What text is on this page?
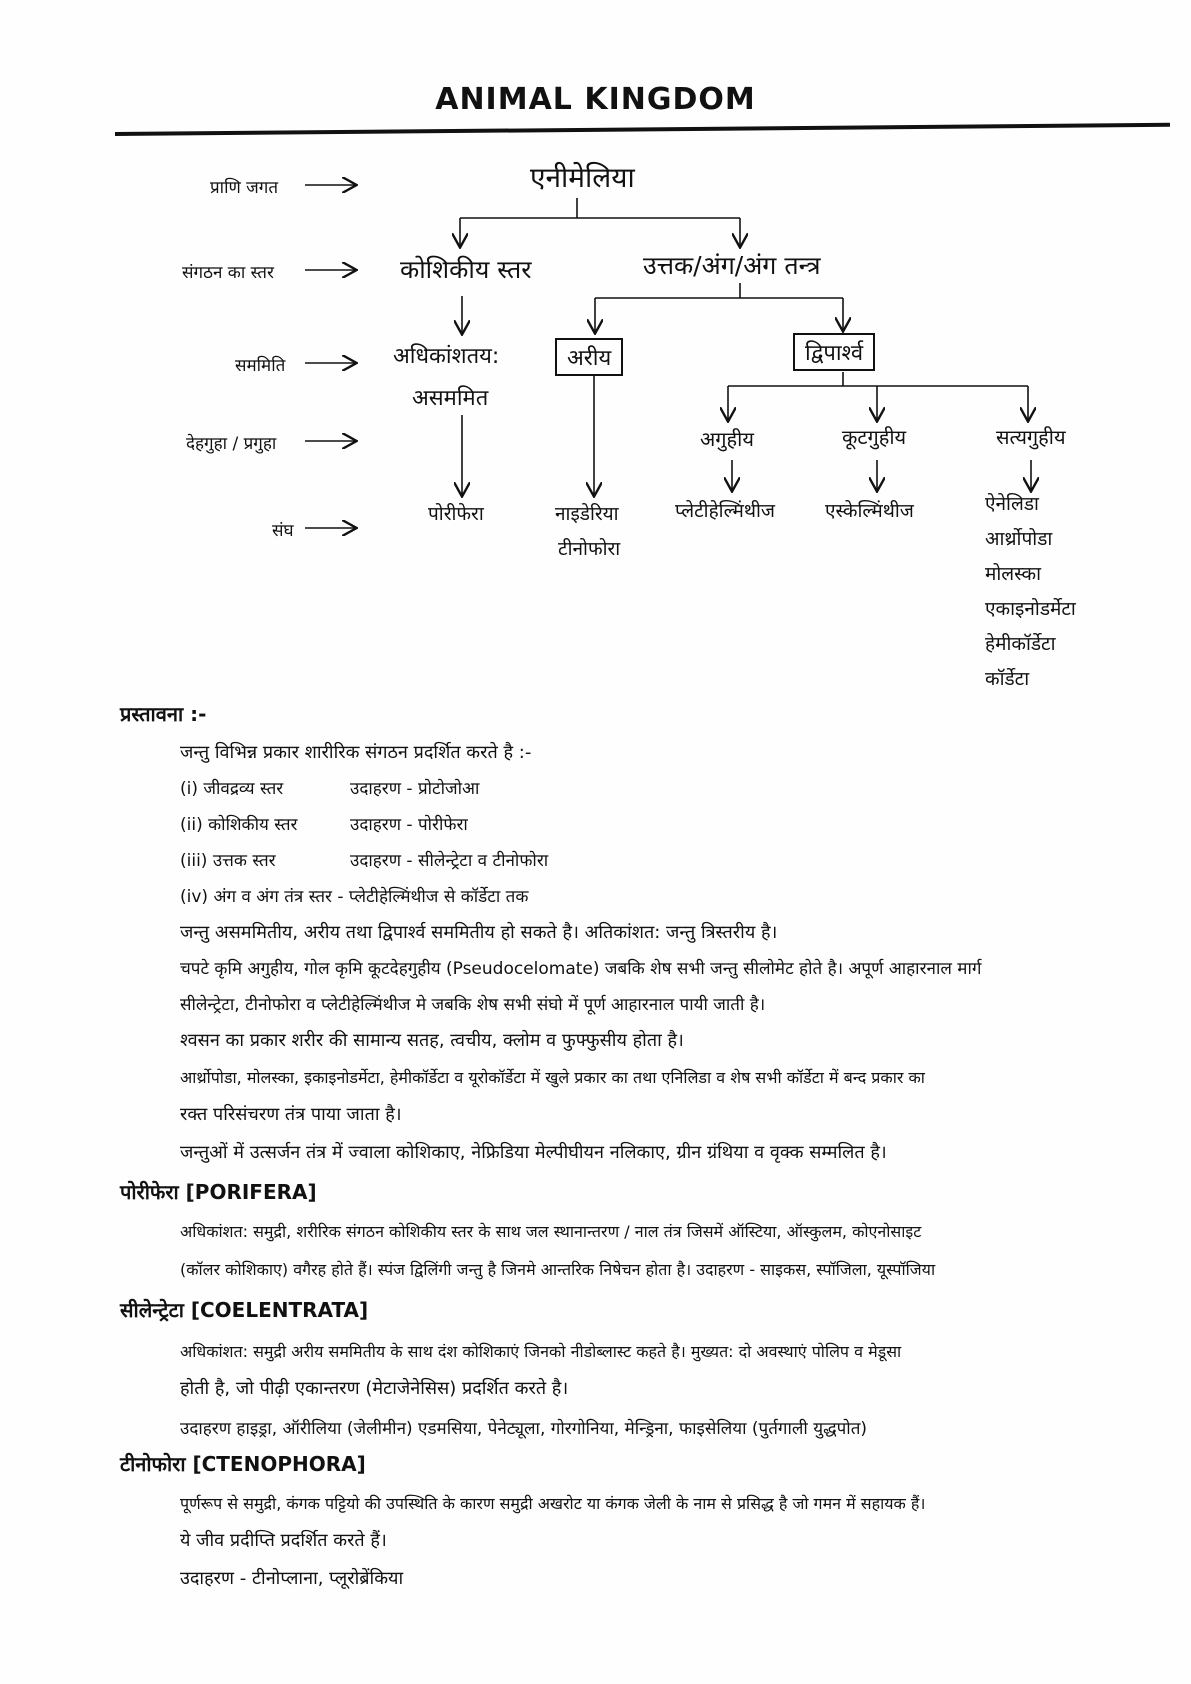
ANIMAL KINGDOM
प्राणि जगत
संगठन का स्तर
सममिति
देहगुहा / प्रगुहा
संघ
एनीमेलिया
कोशिकीय स्तर	उत्तक/अंग/अंग तन्त्र
अधिकांशतय:
असममित
अरीय	द्विपार्श्व
अगुहीय	कूटगुहीय	सत्यगुहीय
पोरीफेरा	नाइडेरिया
टीनोफोरा
प्लेटीहेल्मिंथीज	एस्केल्मिंथीज	ऐनेलिडा
आर्थ्रोपोडा
मोलस्का
एकाइनोडर्मेटा
हेमीकॉर्डेटा
कॉर्डेटा
प्रस्तावना :-
जन्तु विभिन्न प्रकार शारीरिक संगठन प्रदर्शित करते है :-
(i) जीवद्रव्य स्तर	उदाहरण - प्रोटोजोआ
(ii) कोशिकीय स्तर	उदाहरण - पोरीफेरा
(iii) उत्तक स्तर	उदाहरण - सीलेन्ट्रेटा व टीनोफोरा
(iv) अंग व अंग तंत्र स्तर - प्लेटीहेल्मिंथीज से कॉर्डेटा तक
जन्तु असममितीय, अरीय तथा द्विपार्श्व सममितीय हो सकते है। अतिकांशत: जन्तु त्रिस्तरीय है।
चपटे कृमि अगुहीय, गोल कृमि कूटदेहगुहीय (Pseudocelomate) जबकि शेष सभी जन्तु सीलोमेट होते है। अपूर्ण आहारनाल मार्ग
सीलेन्ट्रेटा, टीनोफोरा व प्लेटीहेल्मिंथीज मे जबकि शेष सभी संघो में पूर्ण आहारनाल पायी जाती है।
श्वसन का प्रकार शरीर की सामान्य सतह, त्वचीय, क्लोम व फुफ्फुसीय होता है।
आर्थ्रोपोडा, मोलस्का, इकाइनोडर्मेटा, हेमीकॉर्डेटा व यूरोकॉर्डेटा में खुले प्रकार का तथा एनिलिडा व शेष सभी कॉर्डेटा में बन्द प्रकार का
रक्त परिसंचरण तंत्र पाया जाता है।
जन्तुओं में उत्सर्जन तंत्र में ज्वाला कोशिकाए, नेफ्रिडिया मेल्पीघीयन नलिकाए, ग्रीन ग्रंथिया व वृक्क सम्मलित है।
पोरीफेरा [PORIFERA]
अधिकांशत: समुद्री, शरीरिक संगठन कोशिकीय स्तर के साथ जल स्थानान्तरण / नाल तंत्र जिसमें ऑस्टिया, ऑस्कुलम, कोएनोसाइट
(कॉलर कोशिकाए) वगैरह होते हैं। स्पंज द्विलिंगी जन्तु है जिनमे आन्तरिक निषेचन होता है। उदाहरण - साइकस, स्पॉजिला, यूस्पॉजिया
सीलेन्ट्रेटा [COELENTRATA]
अधिकांशत: समुद्री अरीय सममितीय के साथ दंश कोशिकाएं जिनको नीडोब्लास्ट कहते है। मुख्यत: दो अवस्थाएं पोलिप व मेडूसा
होती है, जो पीढ़ी एकान्तरण (मेटाजेनेसिस) प्रदर्शित करते है।
उदाहरण हाइड्रा, ऑरीलिया (जेलीमीन) एडमसिया, पेनेट्यूला, गोरगोनिया, मेन्ड्रिना, फाइसेलिया (पुर्तगाली युद्धपोत)
टीनोफोरा [CTENOPHORA]
पूर्णरूप से समुद्री, कंगक पट्टियो की उपस्थिति के कारण समुद्री अखरोट या कंगक जेली के नाम से प्रसिद्ध है जो गमन में सहायक हैं।
ये जीव प्रदीप्ति प्रदर्शित करते हैं।
उदाहरण - टीनोप्लाना, प्लूरोब्रेंकिया
